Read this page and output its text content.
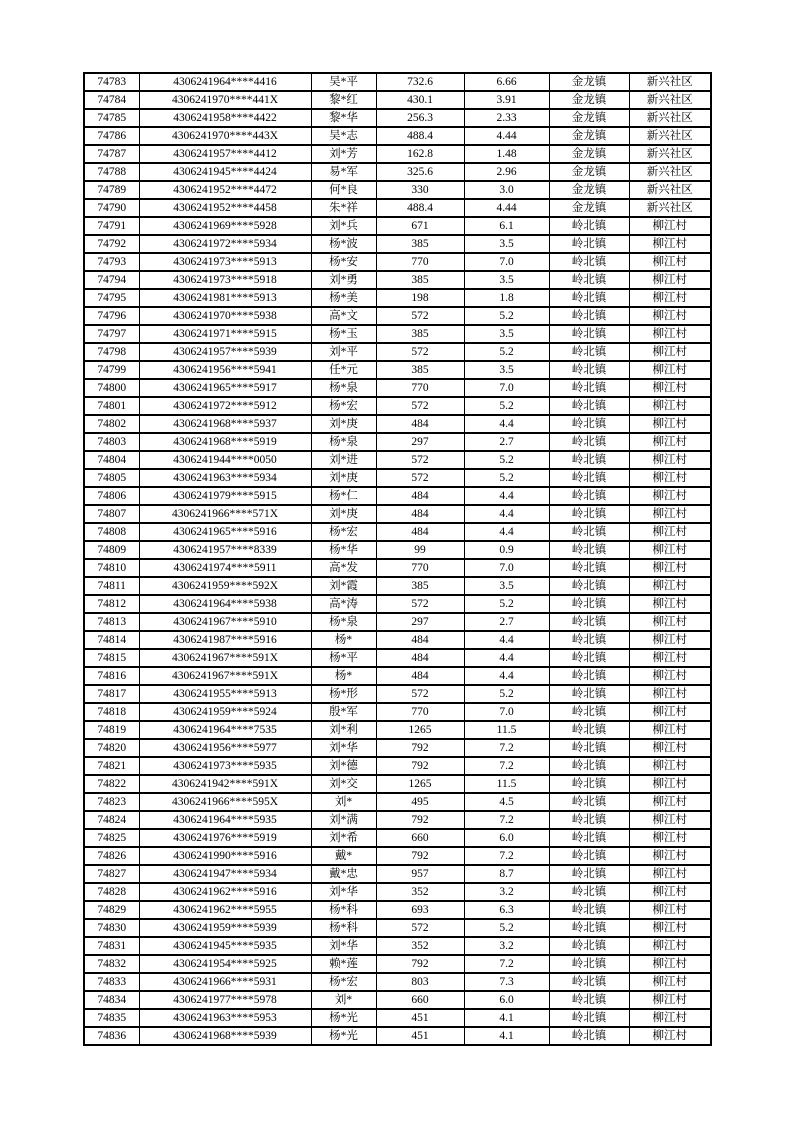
74783	4306241964****4416	吴*平	732.6	6.66	金龙镇	新兴社区
74784	4306241970****441X	黎*红	430.1	3.91	金龙镇	新兴社区
74785	4306241958****4422	黎*华	256.3	2.33	金龙镇	新兴社区
74786	4306241970****443X	吴*志	488.4	4.44	金龙镇	新兴社区
74787	4306241957****4412	刘*芳	162.8	1.48	金龙镇	新兴社区
74788	4306241945****4424	易*军	325.6	2.96	金龙镇	新兴社区
74789	4306241952****4472	何*良	330	3.0	金龙镇	新兴社区
74790	4306241952****4458	朱*祥	488.4	4.44	金龙镇	新兴社区
74791	4306241969****5928	刘*兵	671	6.1	岭北镇	柳江村
74792	4306241972****5934	杨*波	385	3.5	岭北镇	柳江村
74793	4306241973****5913	杨*安	770	7.0	岭北镇	柳江村
74794	4306241973****5918	刘*勇	385	3.5	岭北镇	柳江村
74795	4306241981****5913	杨*美	198	1.8	岭北镇	柳江村
74796	4306241970****5938	高*文	572	5.2	岭北镇	柳江村
74797	4306241971****5915	杨*玉	385	3.5	岭北镇	柳江村
74798	4306241957****5939	刘*平	572	5.2	岭北镇	柳江村
74799	4306241956****5941	任*元	385	3.5	岭北镇	柳江村
74800	4306241965****5917	杨*泉	770	7.0	岭北镇	柳江村
74801	4306241972****5912	杨*宏	572	5.2	岭北镇	柳江村
74802	4306241968****5937	刘*庚	484	4.4	岭北镇	柳江村
74803	4306241968****5919	杨*泉	297	2.7	岭北镇	柳江村
74804	4306241944****0050	刘*进	572	5.2	岭北镇	柳江村
74805	4306241963****5934	刘*庚	572	5.2	岭北镇	柳江村
74806	4306241979****5915	杨*仁	484	4.4	岭北镇	柳江村
74807	4306241966****571X	刘*庚	484	4.4	岭北镇	柳江村
74808	4306241965****5916	杨*宏	484	4.4	岭北镇	柳江村
74809	4306241957****8339	杨*华	99	0.9	岭北镇	柳江村
74810	4306241974****5911	高*发	770	7.0	岭北镇	柳江村
74811	4306241959****592X	刘*霞	385	3.5	岭北镇	柳江村
74812	4306241964****5938	高*涛	572	5.2	岭北镇	柳江村
74813	4306241967****5910	杨*泉	297	2.7	岭北镇	柳江村
74814	4306241987****5916	杨*	484	4.4	岭北镇	柳江村
74815	4306241967****591X	杨*平	484	4.4	岭北镇	柳江村
74816	4306241967****591X	杨*	484	4.4	岭北镇	柳江村
74817	4306241955****5913	杨*形	572	5.2	岭北镇	柳江村
74818	4306241959****5924	殷*军	770	7.0	岭北镇	柳江村
74819	4306241964****7535	刘*利	1265	11.5	岭北镇	柳江村
74820	4306241956****5977	刘*华	792	7.2	岭北镇	柳江村
74821	4306241973****5935	刘*德	792	7.2	岭北镇	柳江村
74822	4306241942****591X	刘*交	1265	11.5	岭北镇	柳江村
74823	4306241966****595X	刘*	495	4.5	岭北镇	柳江村
74824	4306241964****5935	刘*满	792	7.2	岭北镇	柳江村
74825	4306241976****5919	刘*希	660	6.0	岭北镇	柳江村
74826	4306241990****5916	戴*	792	7.2	岭北镇	柳江村
74827	4306241947****5934	戴*忠	957	8.7	岭北镇	柳江村
74828	4306241962****5916	刘*华	352	3.2	岭北镇	柳江村
74829	4306241962****5955	杨*科	693	6.3	岭北镇	柳江村
74830	4306241959****5939	杨*科	572	5.2	岭北镇	柳江村
74831	4306241945****5935	刘*华	352	3.2	岭北镇	柳江村
74832	4306241954****5925	赖*莲	792	7.2	岭北镇	柳江村
74833	4306241966****5931	杨*宏	803	7.3	岭北镇	柳江村
74834	4306241977****5978	刘*	660	6.0	岭北镇	柳江村
74835	4306241963****5953	杨*光	451	4.1	岭北镇	柳江村
74836	4306241968****5939	杨*光	451	4.1	岭北镇	柳江村
